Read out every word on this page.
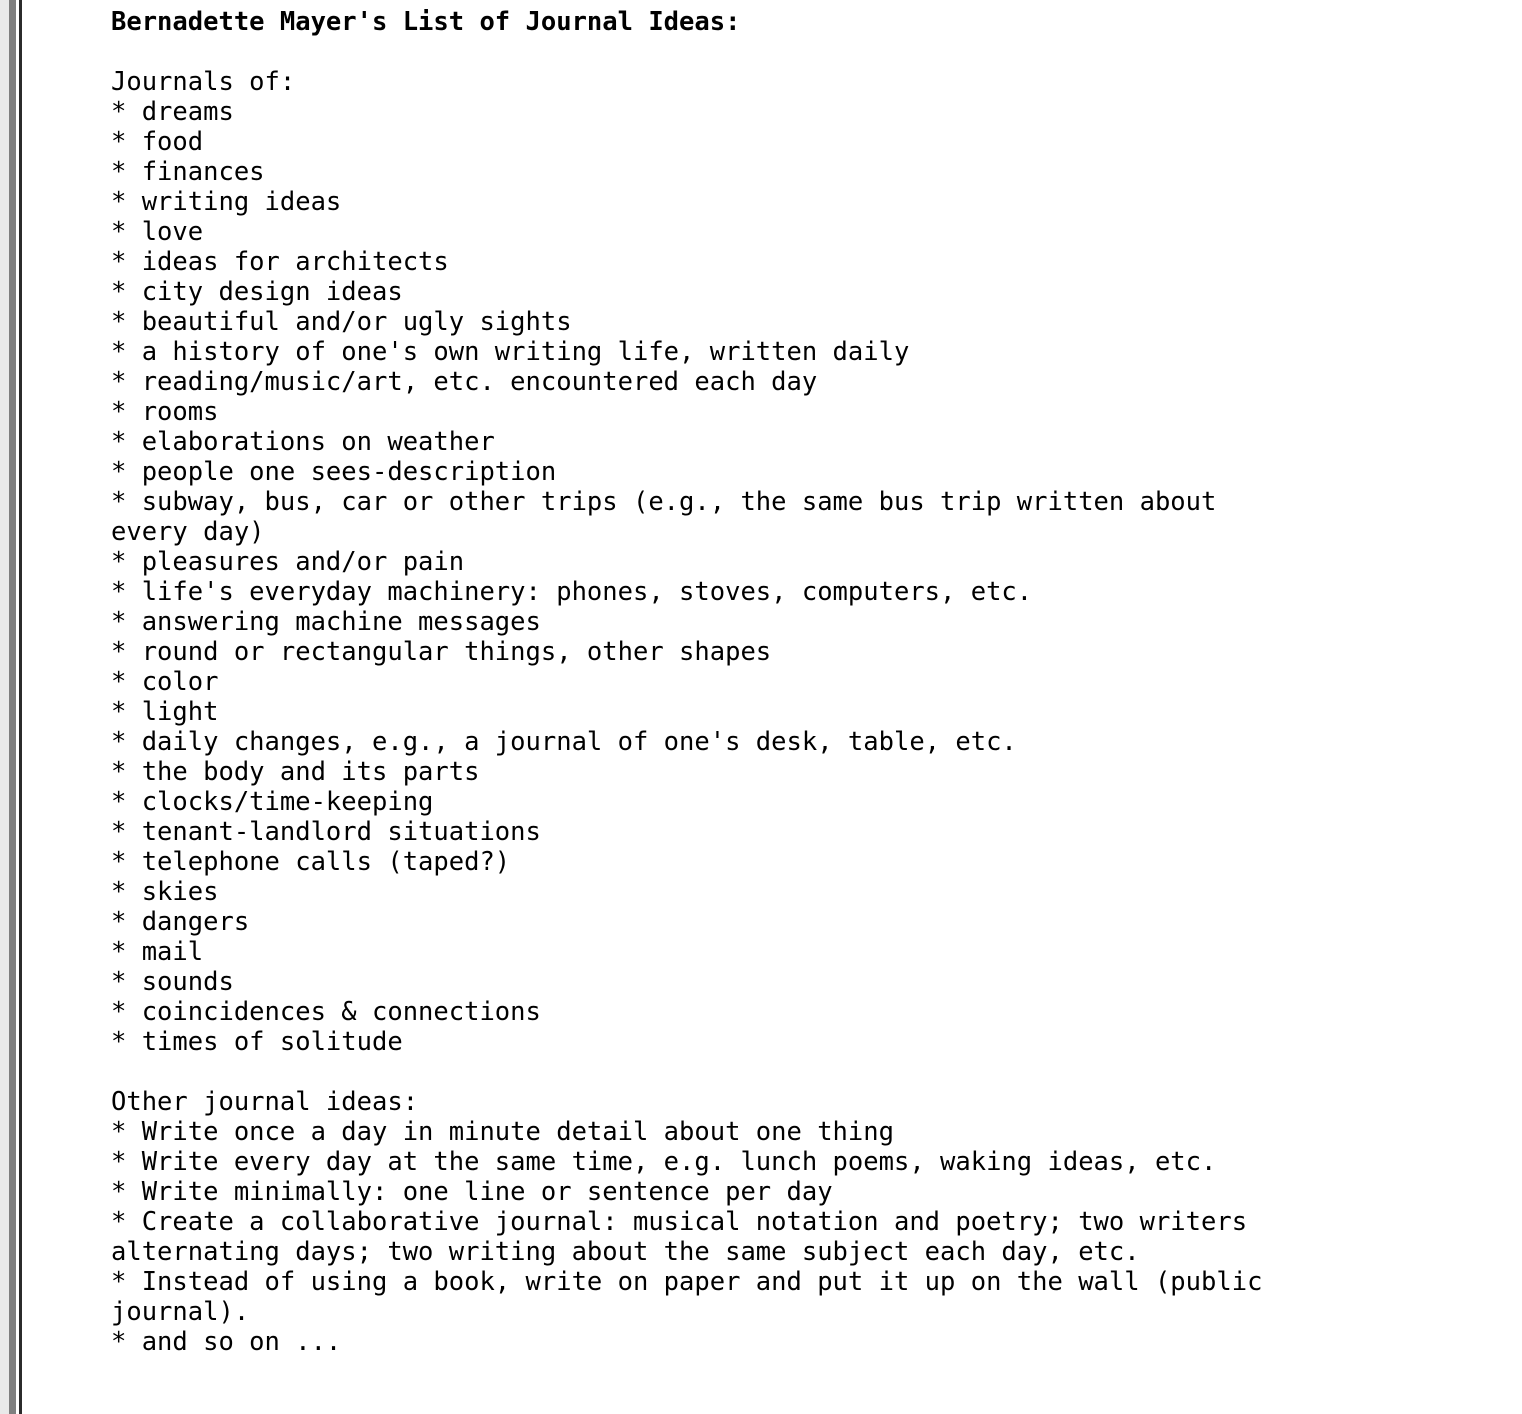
Bernadette Mayer's List of Journal Ideas:
Journals of:
* dreams
* food
* finances
* writing ideas
* love
* ideas for architects
* city design ideas
* beautiful and/or ugly sights
* a history of one's own writing life, written daily
* reading/music/art, etc. encountered each day
* rooms
* elaborations on weather
* people one sees-description
* subway, bus, car or other trips (e.g., the same bus trip written about every day)
* pleasures and/or pain
* life's everyday machinery: phones, stoves, computers, etc.
* answering machine messages
* round or rectangular things, other shapes
* color
* light
* daily changes, e.g., a journal of one's desk, table, etc.
* the body and its parts
* clocks/time-keeping
* tenant-landlord situations
* telephone calls (taped?)
* skies
* dangers
* mail
* sounds
* coincidences & connections
* times of solitude
Other journal ideas:
* Write once a day in minute detail about one thing
* Write every day at the same time, e.g. lunch poems, waking ideas, etc.
* Write minimally: one line or sentence per day
* Create a collaborative journal: musical notation and poetry; two writers alternating days; two writing about the same subject each day, etc.
* Instead of using a book, write on paper and put it up on the wall (public journal).
* and so on ...
